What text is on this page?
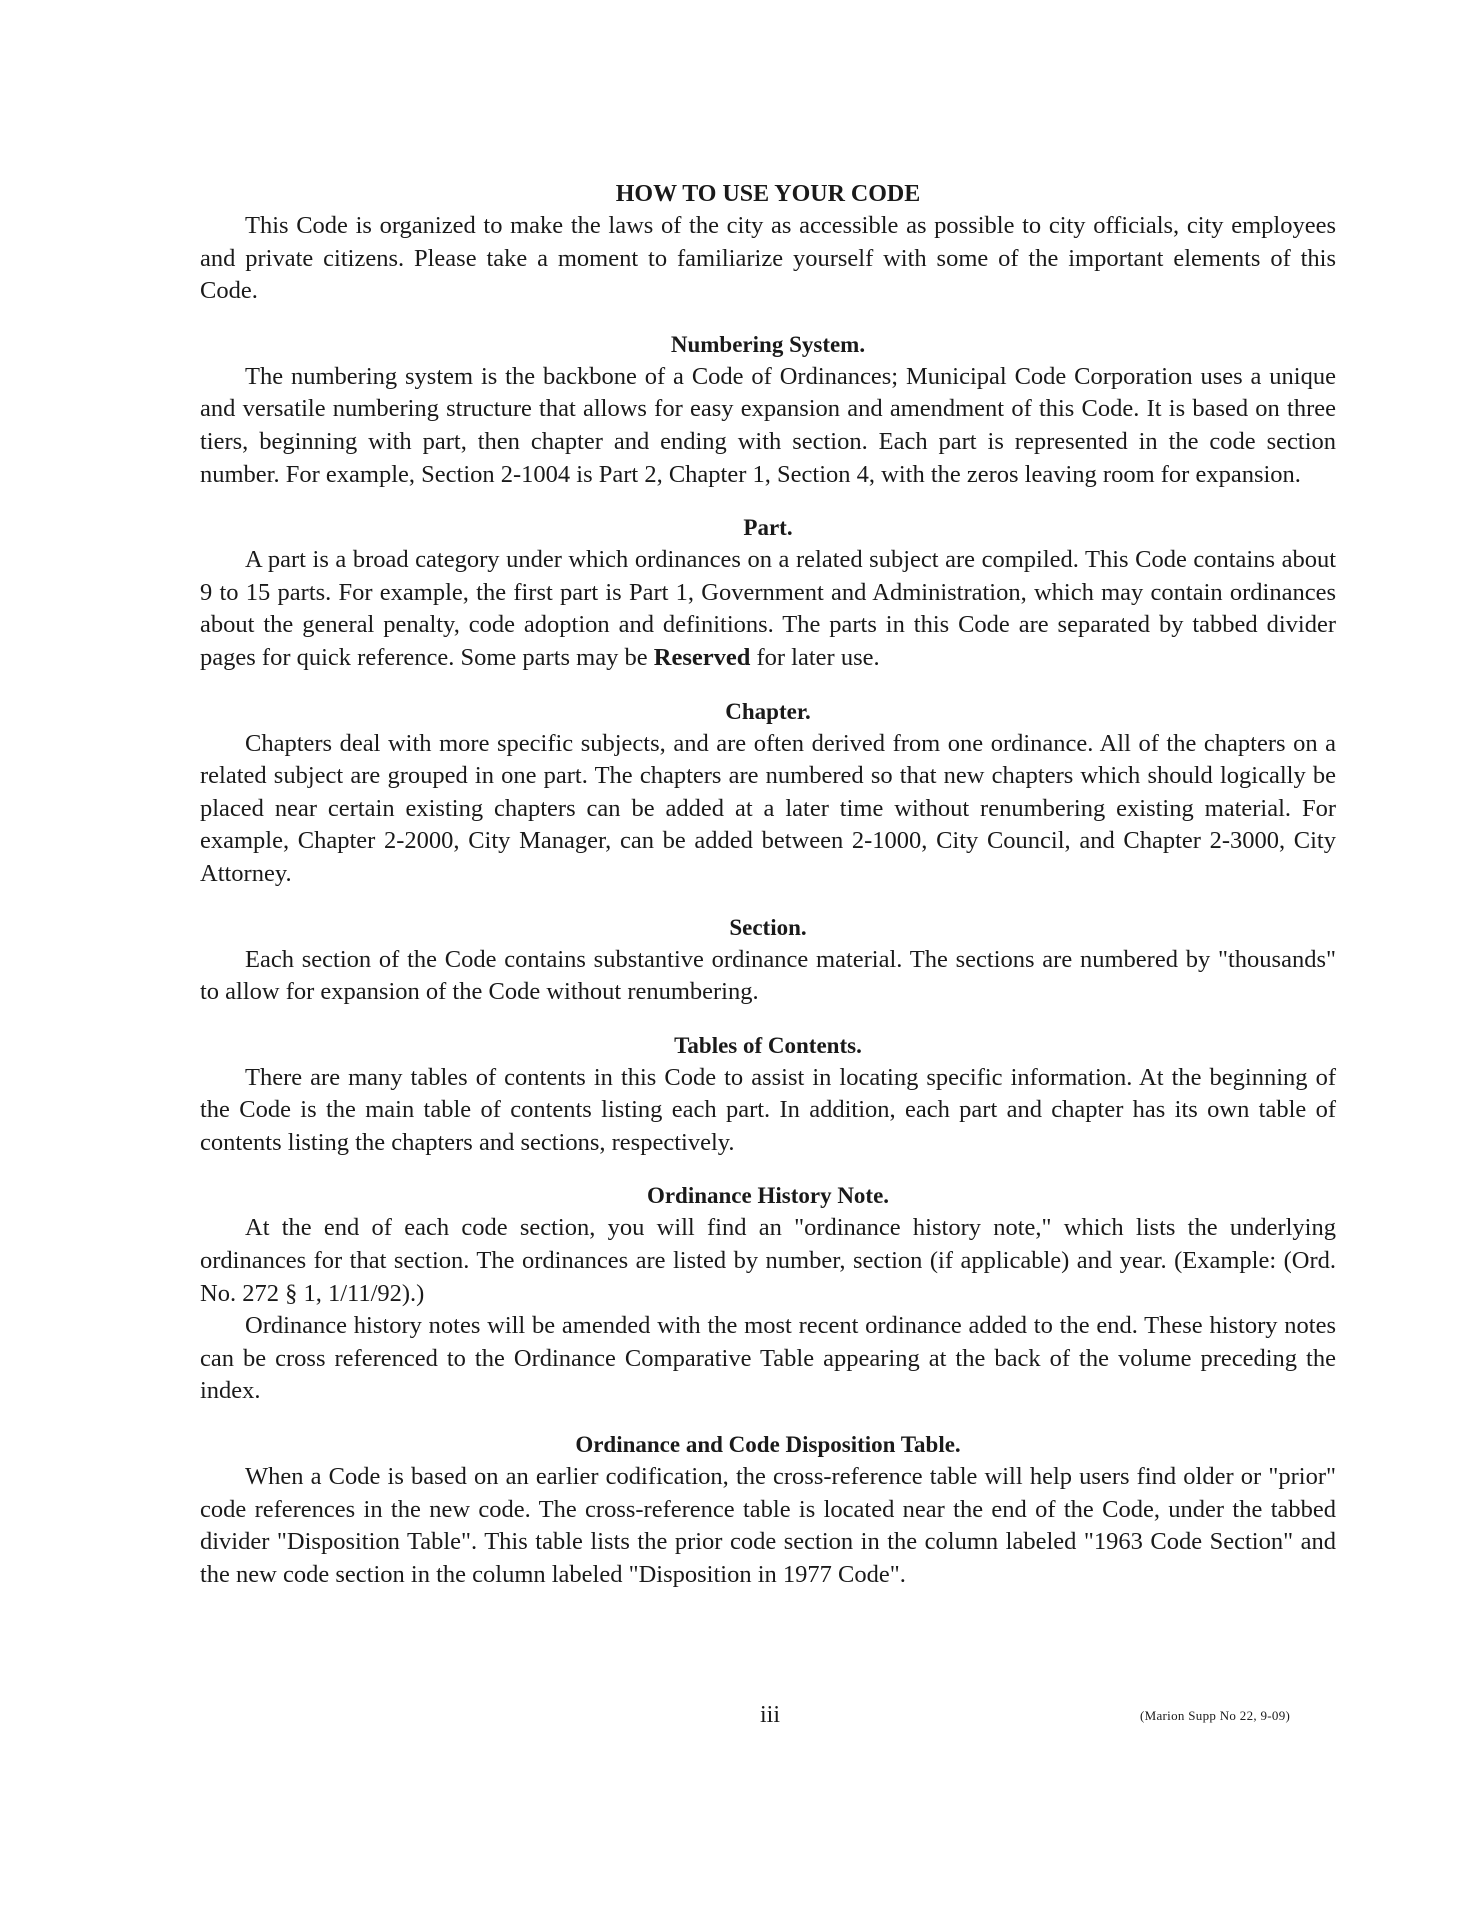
HOW TO USE YOUR CODE

This Code is organized to make the laws of the city as accessible as possible to city officials, city employees and private citizens. Please take a moment to familiarize yourself with some of the important elements of this Code.

Numbering System.

The numbering system is the backbone of a Code of Ordinances; Municipal Code Corporation uses a unique and versatile numbering structure that allows for easy expansion and amendment of this Code. It is based on three tiers, beginning with part, then chapter and ending with section. Each part is represented in the code section number. For example, Section 2-1004 is Part 2, Chapter 1, Section 4, with the zeros leaving room for expansion.

Part.

A part is a broad category under which ordinances on a related subject are compiled. This Code contains about 9 to 15 parts. For example, the first part is Part 1, Government and Administration, which may contain ordinances about the general penalty, code adoption and definitions. The parts in this Code are separated by tabbed divider pages for quick reference. Some parts may be Reserved for later use.

Chapter.

Chapters deal with more specific subjects, and are often derived from one ordinance. All of the chapters on a related subject are grouped in one part. The chapters are numbered so that new chapters which should logically be placed near certain existing chapters can be added at a later time without renumbering existing material. For example, Chapter 2-2000, City Manager, can be added between 2-1000, City Council, and Chapter 2-3000, City Attorney.

Section.

Each section of the Code contains substantive ordinance material. The sections are numbered by "thousands" to allow for expansion of the Code without renumbering.

Tables of Contents.

There are many tables of contents in this Code to assist in locating specific information. At the beginning of the Code is the main table of contents listing each part. In addition, each part and chapter has its own table of contents listing the chapters and sections, respectively.

Ordinance History Note.

At the end of each code section, you will find an "ordinance history note," which lists the underlying ordinances for that section. The ordinances are listed by number, section (if applicable) and year. (Example: (Ord. No. 272 § 1, 1/11/92).)

Ordinance history notes will be amended with the most recent ordinance added to the end. These history notes can be cross referenced to the Ordinance Comparative Table appearing at the back of the volume preceding the index.

Ordinance and Code Disposition Table.

When a Code is based on an earlier codification, the cross-reference table will help users find older or "prior" code references in the new code. The cross-reference table is located near the end of the Code, under the tabbed divider "Disposition Table". This table lists the prior code section in the column labeled "1963 Code Section" and the new code section in the column labeled "Disposition in 1977 Code".

iii	(Marion Supp No 22, 9-09)
